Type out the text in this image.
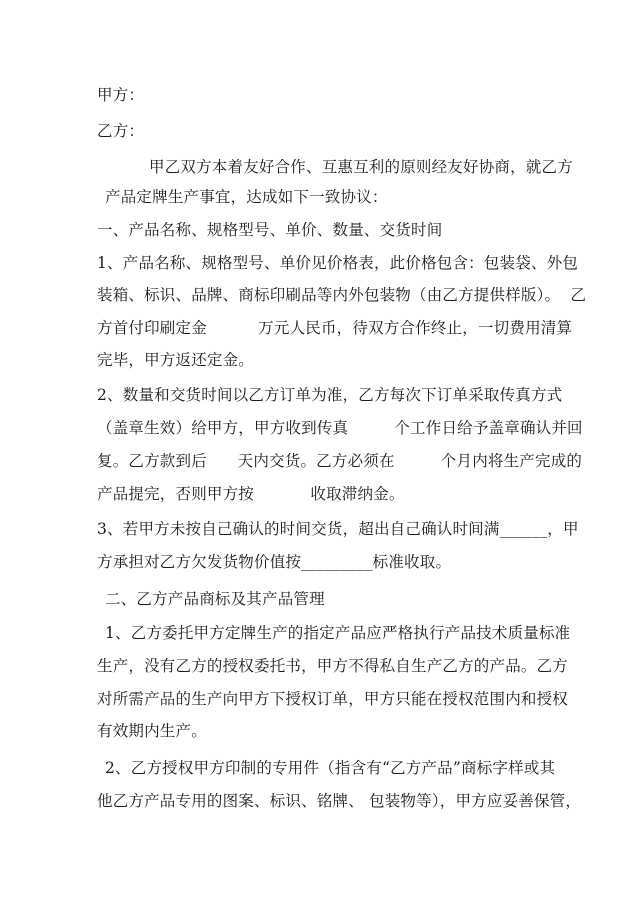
甲方：
乙方：
甲乙双方本着友好合作、互惠互利的原则经友好协商，就乙方
产品定牌生产事宜，达成如下一致协议：
一、产品名称、规格型号、单价、数量、交货时间
1、产品名称、规格型号、单价见价格表，此价格包含：包装袋、外包
装箱、标识、品牌、商标印刷品等内外包装物（由乙方提供样版）。  乙
方首付印刷定金          万元人民币，待双方合作终止，一切费用清算
完毕，甲方返还定金。
2、数量和交货时间以乙方订单为准，乙方每次下订单采取传真方式
（盖章生效）给甲方，甲方收到传真         个工作日给予盖章确认并回
复。乙方款到后      天内交货。乙方必须在         个月内将生产完成的
产品提完，否则甲方按           收取滞纳金。
3、若甲方未按自己确认的时间交货，超出自己确认时间满______，甲
方承担对乙方欠发货物价值按_________标准收取。
二、乙方产品商标及其产品管理
1、乙方委托甲方定牌生产的指定产品应严格执行产品技术质量标准
生产，没有乙方的授权委托书，甲方不得私自生产乙方的产品。乙方
对所需产品的生产向甲方下授权订单，甲方只能在授权范围内和授权
有效期内生产。
2、乙方授权甲方印制的专用件（指含有“乙方产品”商标字样或其
他乙方产品专用的图案、标识、铭牌、 包装物等），甲方应妥善保管，
